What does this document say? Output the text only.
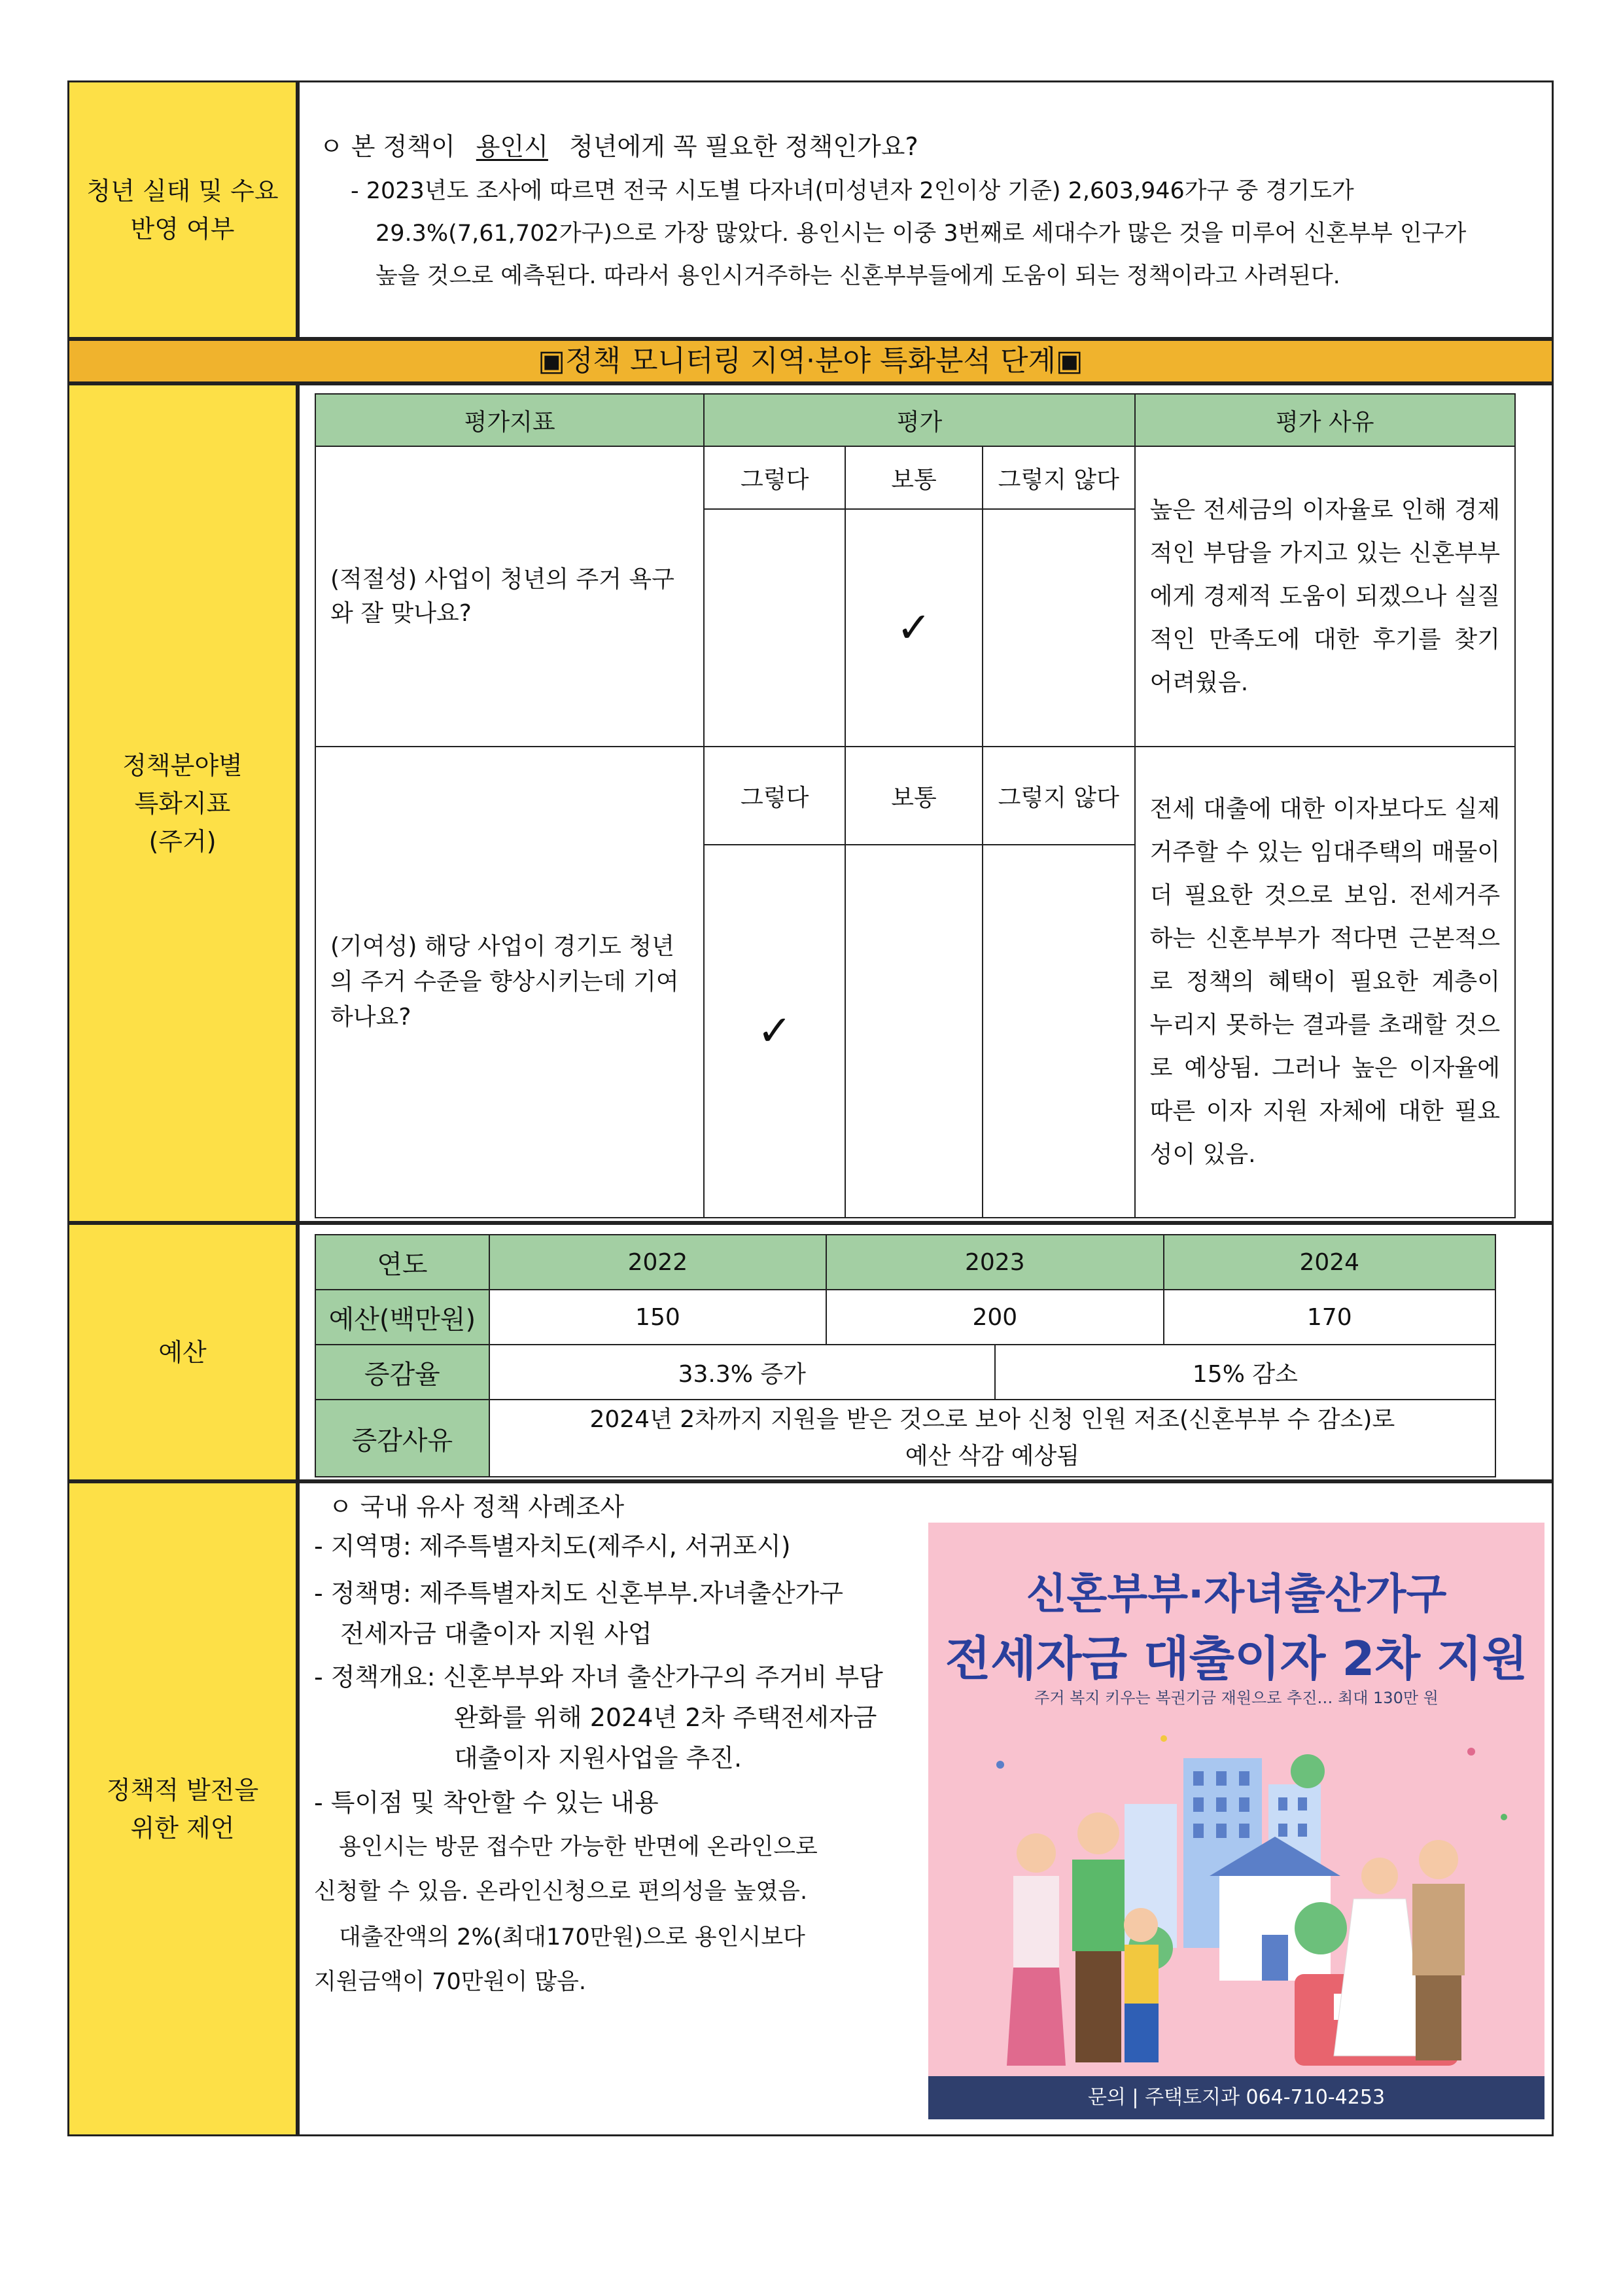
청년 실태 및 수요
반영 여부
ㅇ 본 정책이 용인시 청년에게 꼭 필요한 정책인가요?
- 2023년도 조사에 따르면 전국 시도별 다자녀(미성년자 2인이상 기준) 2,603,946가구 중 경기도가
29.3%(7,61,702가구)으로 가장 많았다. 용인시는 이중 3번째로 세대수가 많은 것을 미루어 신혼부부 인구가
높을 것으로 예측된다. 따라서 용인시거주하는 신혼부부들에게 도움이 되는 정책이라고 사려된다.
▣정책 모니터링 지역·분야 특화분석 단계▣
정책분야별
특화지표
(주거)
평가지표	평가			평가 사유
(적절성) 사업이 청년의 주거 욕구와 잘 맞나요?	그렇다	보통	그렇지 않다	높은 전세금의 이자율로 인해 경제적인 부담을 가지고 있는 신혼부부에게 경제적 도움이 되겠으나 실질적인 만족도에 대한 후기를 찾기 어려웠음.
		✓		
(기여성) 해당 사업이 경기도 청년의 주거 수준을 향상시키는데 기여하나요?	그렇다	보통	그렇지 않다	전세 대출에 대한 이자보다도 실제 거주할 수 있는 임대주택의 매물이 더 필요한 것으로 보임. 전세거주하는 신혼부부가 적다면 근본적으로 정책의 혜택이 필요한 계층이 누리지 못하는 결과를 초래할 것으로 예상됨. 그러나 높은 이자율에 따른 이자 지원 자체에 대한 필요성이 있음.
	✓			
예산
연도	2022	2023		2024
예산(백만원)	150	200		170
증감율	33.3% 증가		15% 감소	
증감사유	2024년 2차까지 지원을 받은 것으로 보아 신청 인원 저조(신혼부부 수 감소)로
예산 삭감 예상됨			
정책적 발전을
위한 제언
ㅇ 국내 유사 정책 사례조사
- 지역명: 제주특별자치도(제주시, 서귀포시)
- 정책명: 제주특별자치도 신혼부부.자녀출산가구
전세자금 대출이자 지원 사업
- 정책개요: 신혼부부와 자녀 출산가구의 주거비 부담
완화를 위해 2024년 2차 주택전세자금
대출이자 지원사업을 추진.
- 특이점 및 착안할 수 있는 내용
용인시는 방문 접수만 가능한 반면에 온라인으로
신청할 수 있음. 온라인신청으로 편의성을 높였음.
대출잔액의 2%(최대170만원)으로 용인시보다
지원금액이 70만원이 많음.
신혼부부·자녀출산가구
전세자금 대출이자 2차 지원
주거 복지 키우는 복권기금 재원으로 추진… 최대 130만 원
문의 | 주택토지과 064-710-4253
